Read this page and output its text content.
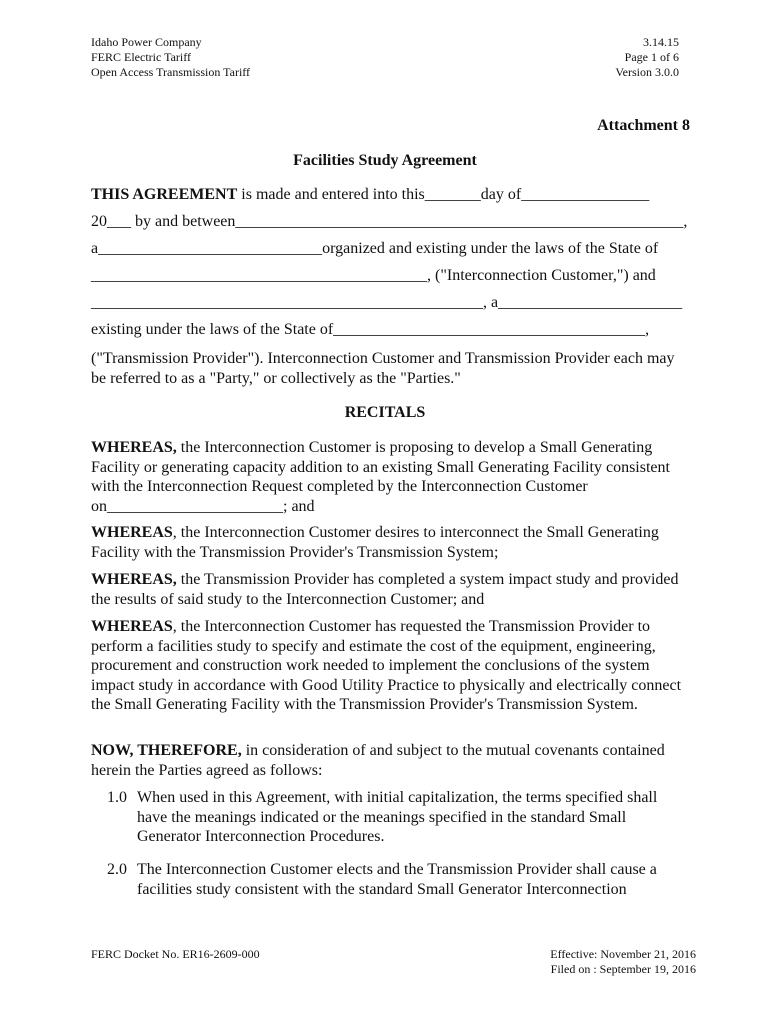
Idaho Power Company
FERC Electric Tariff
Open Access Transmission Tariff
3.14.15
Page 1 of 6
Version 3.0.0
Attachment 8
Facilities Study Agreement
THIS AGREEMENT is made and entered into this_______day of________________
20___ by and between________________________________________________________,
a____________________________organized and existing under the laws of the State of
__________________________________________, ("Interconnection Customer,") and
_________________________________________________, a_______________________
existing under the laws of the State of_______________________________________,

("Transmission Provider"). Interconnection Customer and Transmission Provider each may be referred to as a "Party," or collectively as the "Parties."

RECITALS

WHEREAS, the Interconnection Customer is proposing to develop a Small Generating Facility or generating capacity addition to an existing Small Generating Facility consistent with the Interconnection Request completed by the Interconnection Customer on______________________; and

WHEREAS, the Interconnection Customer desires to interconnect the Small Generating Facility with the Transmission Provider's Transmission System;

WHEREAS, the Transmission Provider has completed a system impact study and provided the results of said study to the Interconnection Customer; and

WHEREAS, the Interconnection Customer has requested the Transmission Provider to perform a facilities study to specify and estimate the cost of the equipment, engineering, procurement and construction work needed to implement the conclusions of the system impact study in accordance with Good Utility Practice to physically and electrically connect the Small Generating Facility with the Transmission Provider's Transmission System.

NOW, THEREFORE, in consideration of and subject to the mutual covenants contained herein the Parties agreed as follows:

1.0 When used in this Agreement, with initial capitalization, the terms specified shall have the meanings indicated or the meanings specified in the standard Small Generator Interconnection Procedures.
2.0 The Interconnection Customer elects and the Transmission Provider shall cause a facilities study consistent with the standard Small Generator Interconnection
FERC Docket No. ER16-2609-000	Effective: November 21, 2016
Filed on : September 19, 2016
